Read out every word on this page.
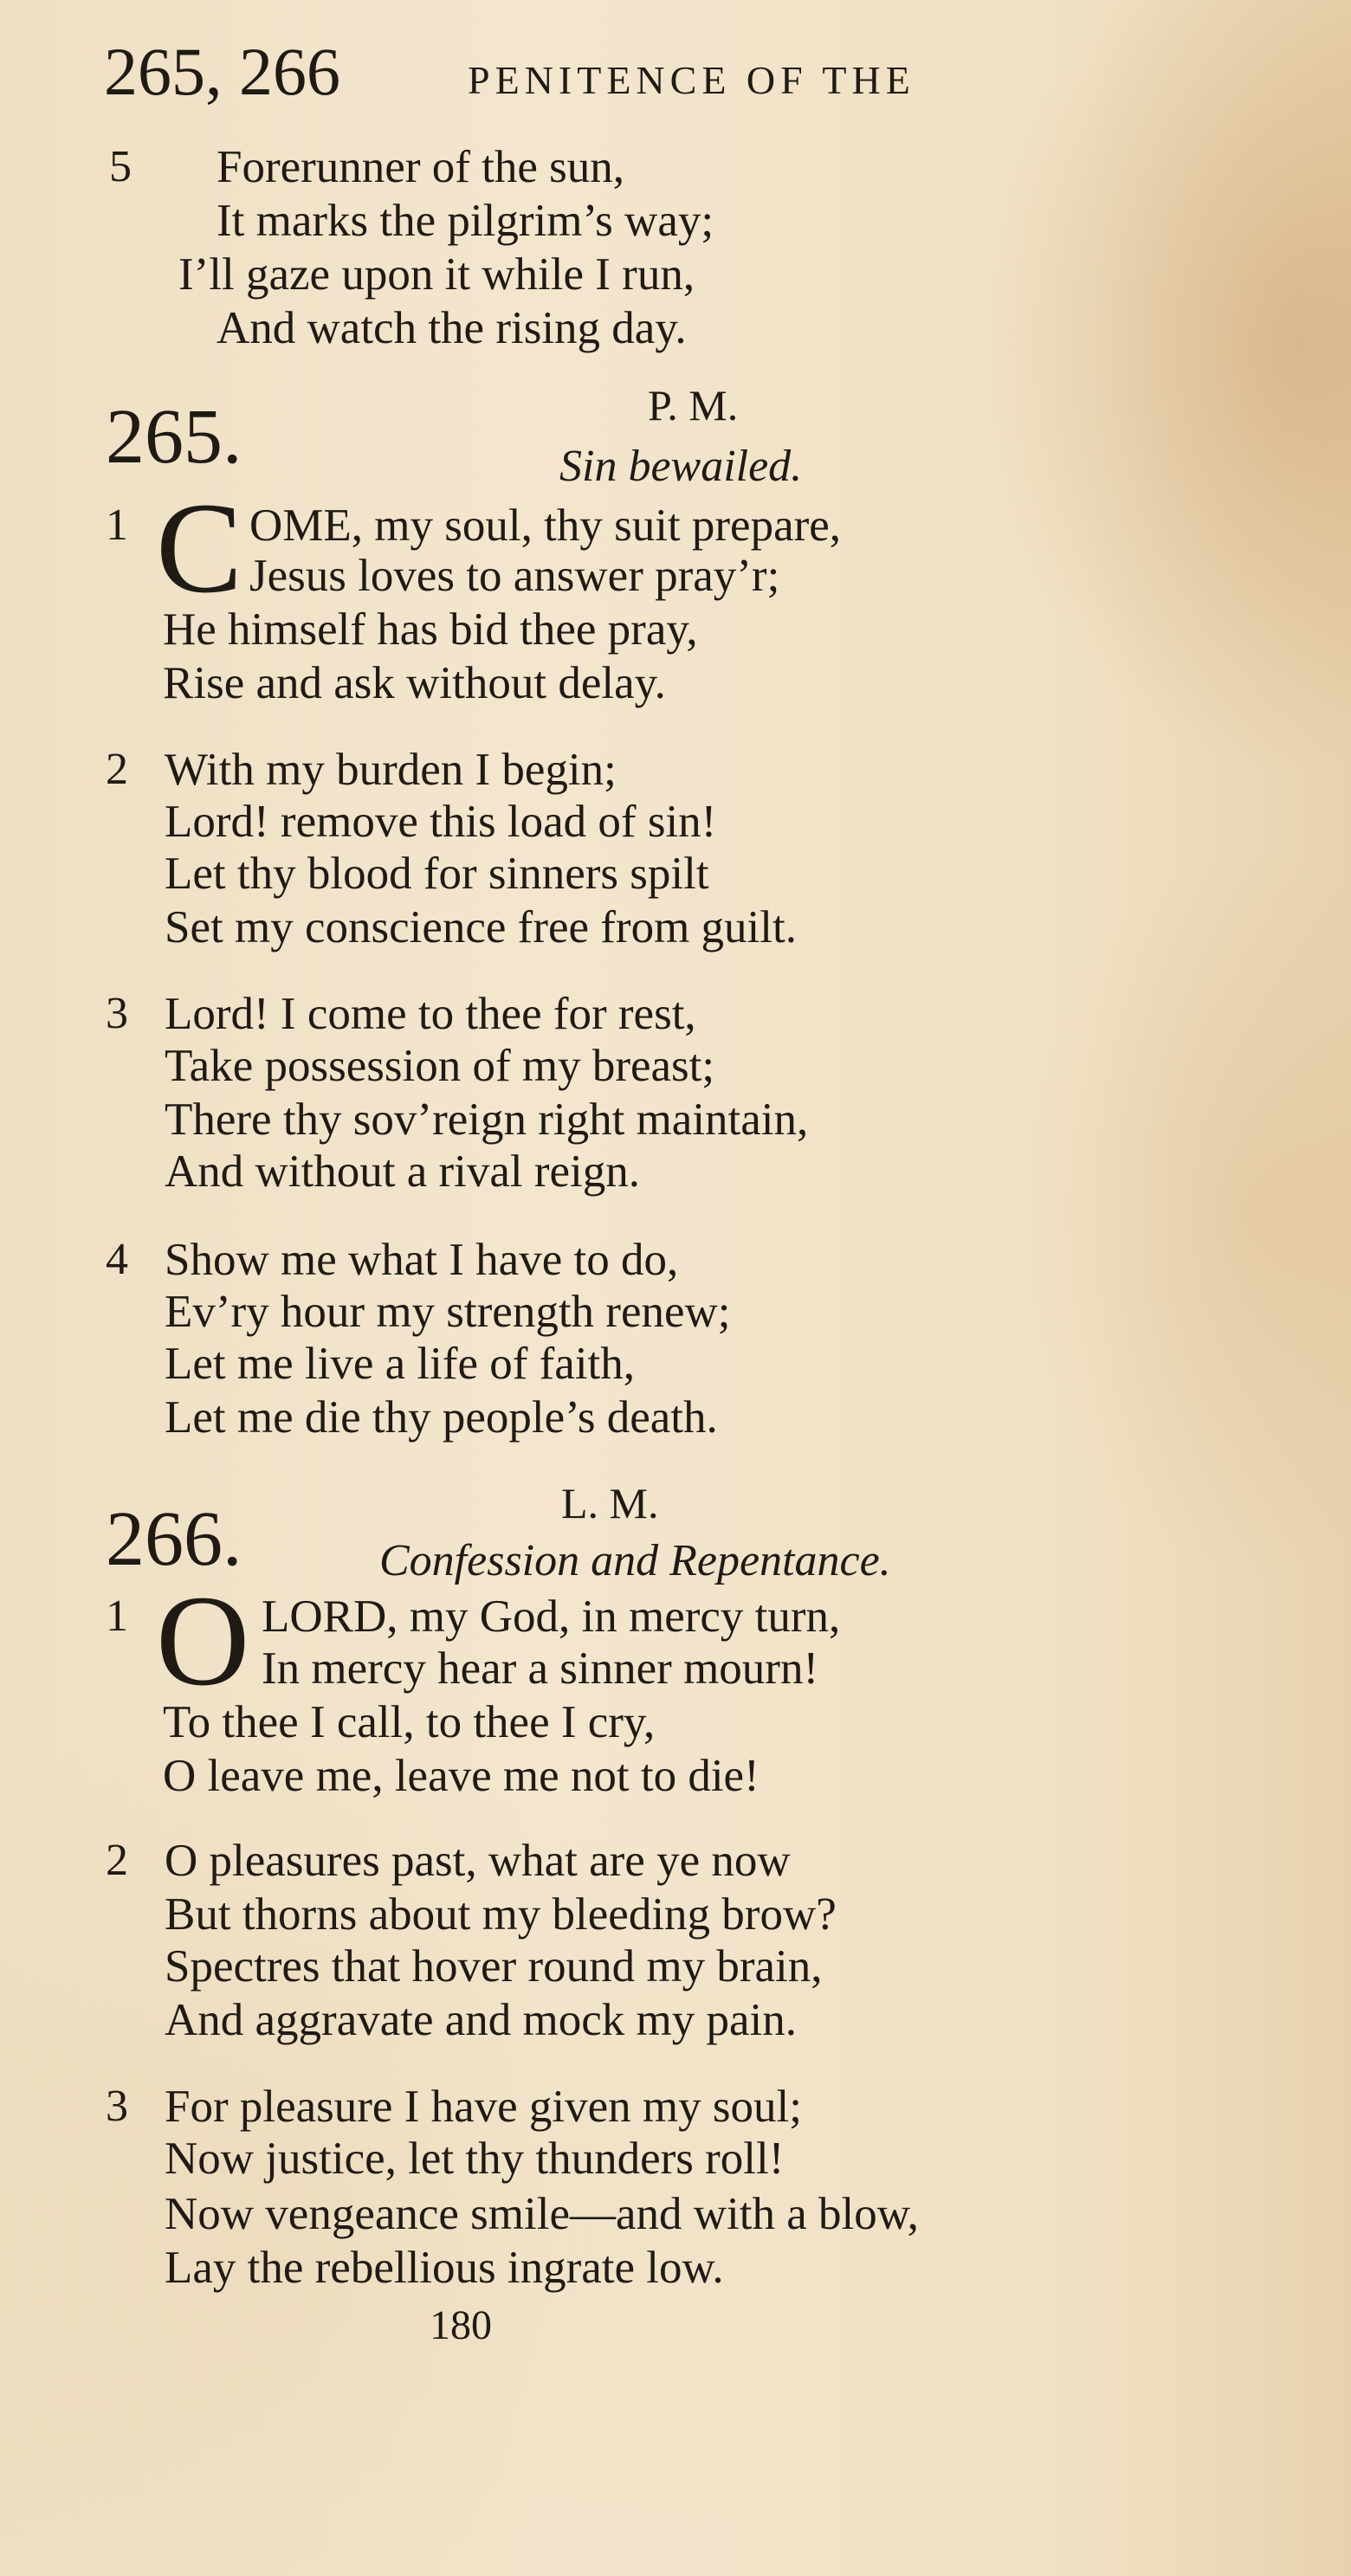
265, 266	PENITENCE OF THE
5 Forerunner of the sun,
It marks the pilgrim’s way;
I’ll gaze upon it while I run,
And watch the rising day.
265.	P. M.
Sin bewailed.
1 C OME, my soul, thy suit prepare,
Jesus loves to answer pray’r;
He himself has bid thee pray,
Rise and ask without delay.
2 With my burden I begin;
Lord! remove this load of sin!
Let thy blood for sinners spilt
Set my conscience free from guilt.
3 Lord! I come to thee for rest,
Take possession of my breast;
There thy sov’reign right maintain,
And without a rival reign.
4 Show me what I have to do,
Ev’ry hour my strength renew;
Let me live a life of faith,
Let me die thy people’s death.
266.	L. M.
Confession and Repentance.
1 O LORD, my God, in mercy turn,
In mercy hear a sinner mourn!
To thee I call, to thee I cry,
O leave me, leave me not to die!
2 O pleasures past, what are ye now
But thorns about my bleeding brow?
Spectres that hover round my brain,
And aggravate and mock my pain.
3 For pleasure I have given my soul;
Now justice, let thy thunders roll!
Now vengeance smile—and with a blow,
Lay the rebellious ingrate low.
180
